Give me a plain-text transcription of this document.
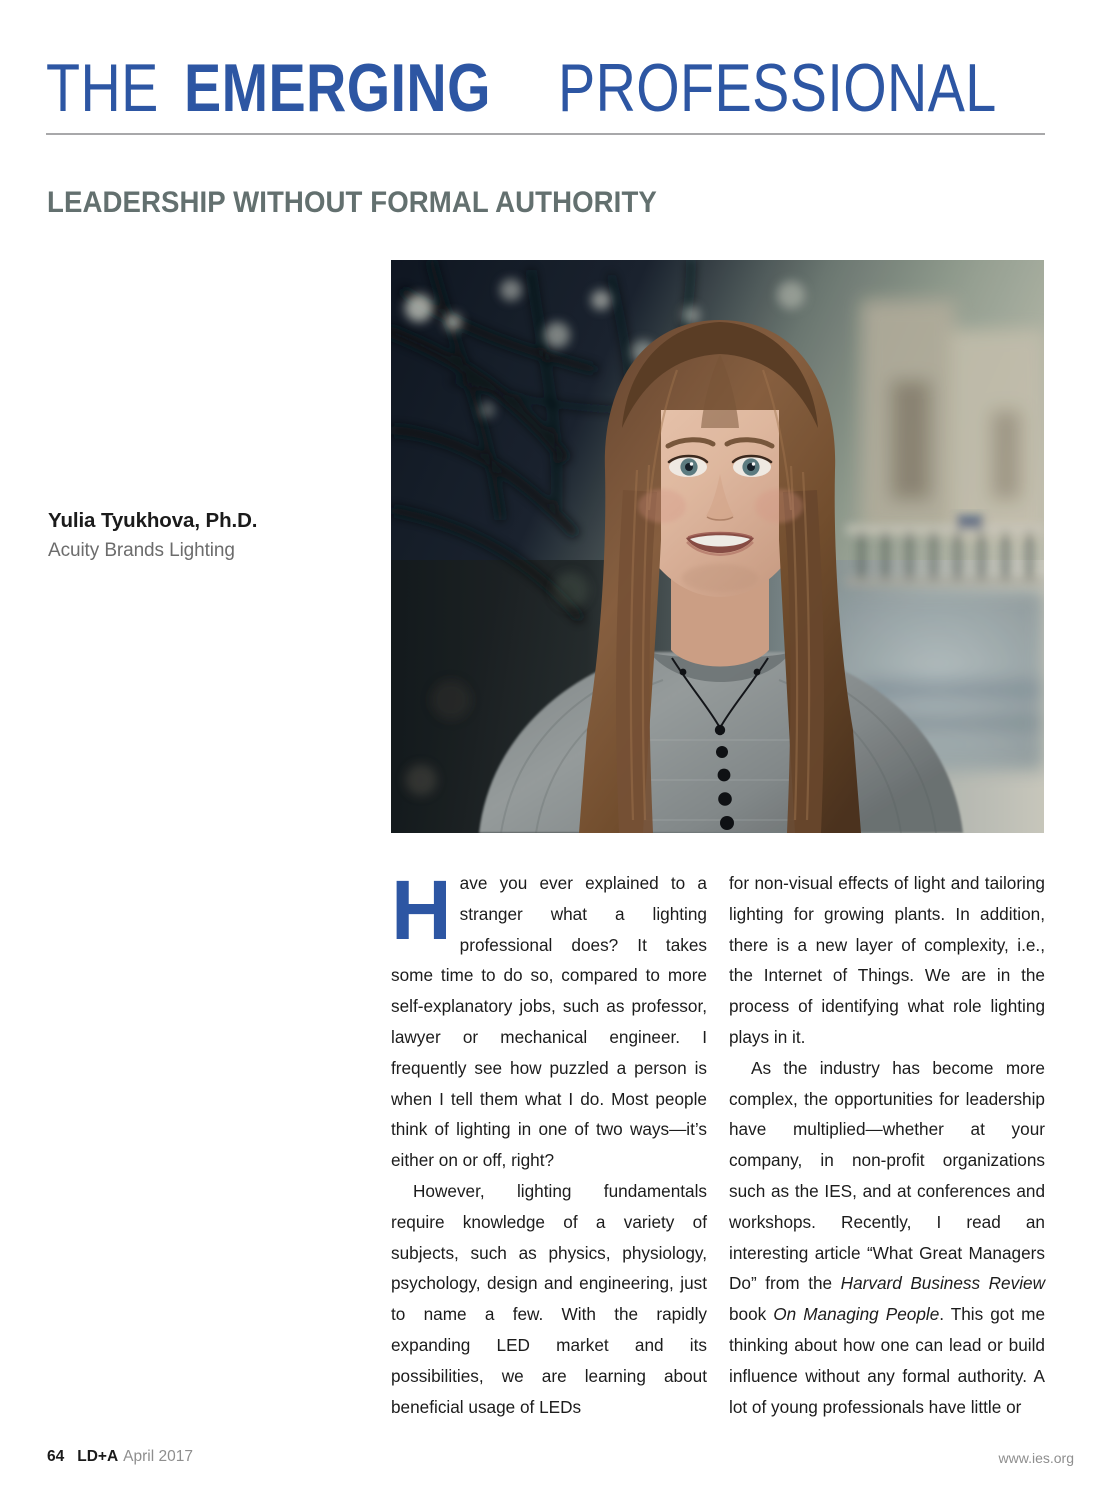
THEEMERGINGPROFESSIONAL
LEADERSHIP WITHOUT FORMAL AUTHORITY
Yulia Tyukhova, Ph.D.
Acuity Brands Lighting

Have you ever explained to a stranger what a lighting professional does? It takes some time to do so, compared to more self-explanatory jobs, such as professor, lawyer or mechanical engineer. I frequently see how puzzled a person is when I tell them what I do. Most people think of lighting in one of two ways—it’s either on or off, right?

However, lighting fundamentals require knowledge of a variety of subjects, such as physics, physiology, psychology, design and engineering, just to name a few. With the rapidly expanding LED market and its possibilities, we are learning about beneficial usage of LEDs

for non-visual effects of light and tailoring lighting for growing plants. In addition, there is a new layer of complexity, i.e., the Internet of Things. We are in the process of identifying what role lighting plays in it.

As the industry has become more complex, the opportunities for leadership have multiplied—whether at your company, in non-profit organizations such as the IES, and at conferences and workshops. Recently, I read an interesting article “What Great Managers Do” from the Harvard Business Review book On Managing People. This got me thinking about how one can lead or build influence without any formal authority. A lot of young professionals have little or

64 LD+A April 2017	www.ies.org
